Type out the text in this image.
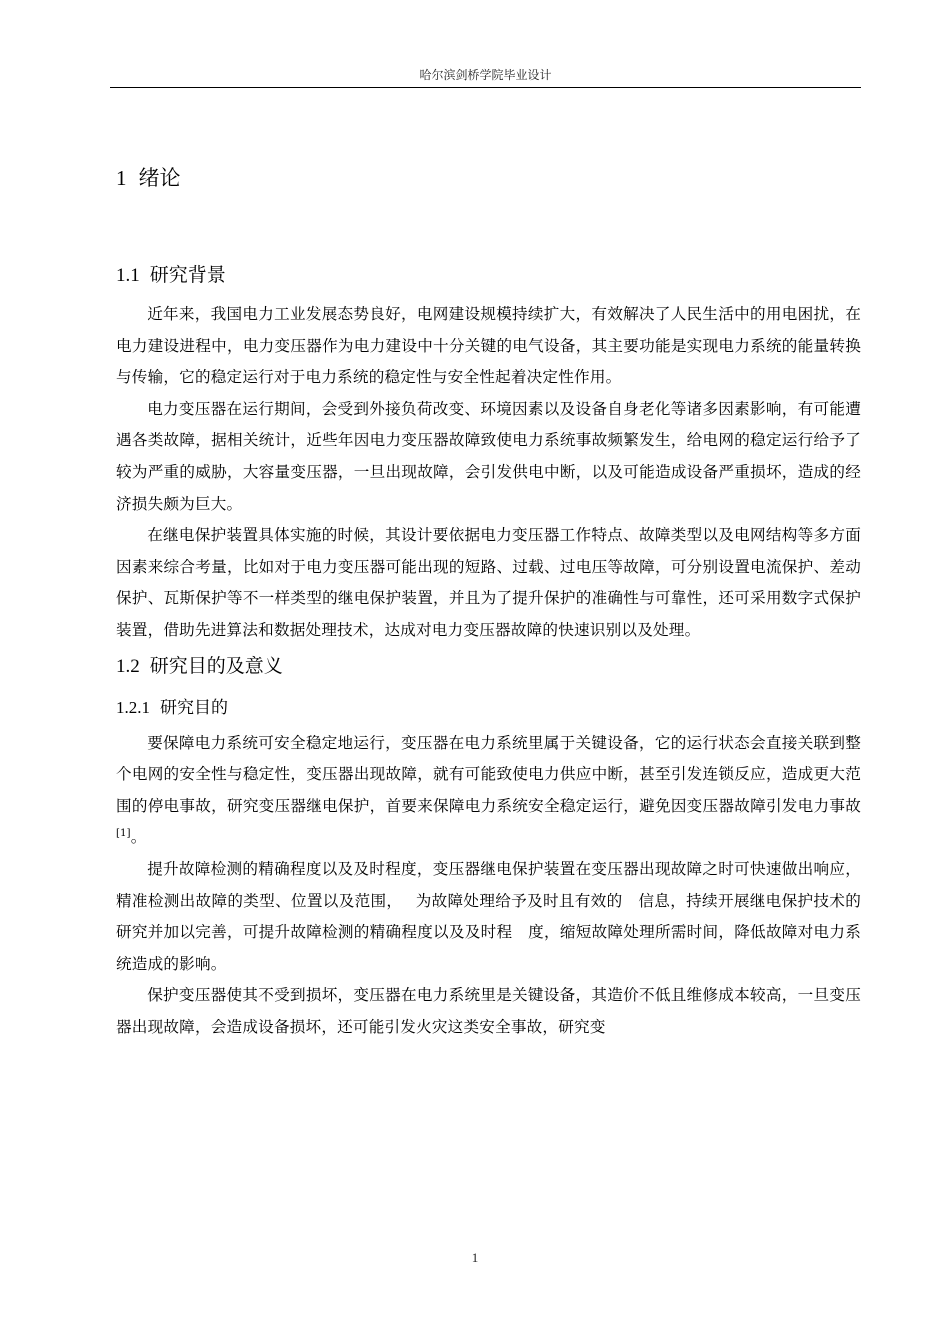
哈尔滨剑桥学院毕业设计
1 绪论
1.1 研究背景

近年来，我国电力工业发展态势良好，电网建设规模持续扩大，有效解决了人民生活中的用电困扰，在电力建设进程中，电力变压器作为电力建设中十分关键的电气设备，其主要功能是实现电力系统的能量转换与传输，它的稳定运行对于电力系统的稳定性与安全性起着决定性作用。

电力变压器在运行期间，会受到外接负荷改变、环境因素以及设备自身老化等诸多因素影响，有可能遭遇各类故障，据相关统计，近些年因电力变压器故障致使电力系统事故频繁发生，给电网的稳定运行给予了较为严重的威胁，大容量变压器，一旦出现故障，会引发供电中断，以及可能造成设备严重损坏，造成的经济损失颇为巨大。

在继电保护装置具体实施的时候，其设计要依据电力变压器工作特点、故障类型以及电网结构等多方面因素来综合考量，比如对于电力变压器可能出现的短路、过载、过电压等故障，可分别设置电流保护、差动保护、瓦斯保护等不一样类型的继电保护装置，并且为了提升保护的准确性与可靠性，还可采用数字式保护装置，借助先进算法和数据处理技术，达成对电力变压器故障的快速识别以及处理。

1.2 研究目的及意义
1.2.1 研究目的

要保障电力系统可安全稳定地运行，变压器在电力系统里属于关键设备，它的运行状态会直接关联到整个电网的安全性与稳定性，变压器出现故障，就有可能致使电力供应中断，甚至引发连锁反应，造成更大范围的停电事故，研究变压器继电保护，首要来保障电力系统安全稳定运行，避免因变压器故障引发电力事故[1]。

提升故障检测的精确程度以及及时程度，变压器继电保护装置在变压器出现故障之时可快速做出响应，精准检测出故障的类型、位置以及范围，　 为故障处理给予及时且有效的　信息，持续开展继电保护技术的研究并加以完善，可提升故障检测的精确程度以及及时程　度，缩短故障处理所需时间，降低故障对电力系统造成的影响。

保护变压器使其不受到损坏，变压器在电力系统里是关键设备，其造价不低且维修成本较高，一旦变压器出现故障，会造成设备损坏，还可能引发火灾这类安全事故，研究变

1
